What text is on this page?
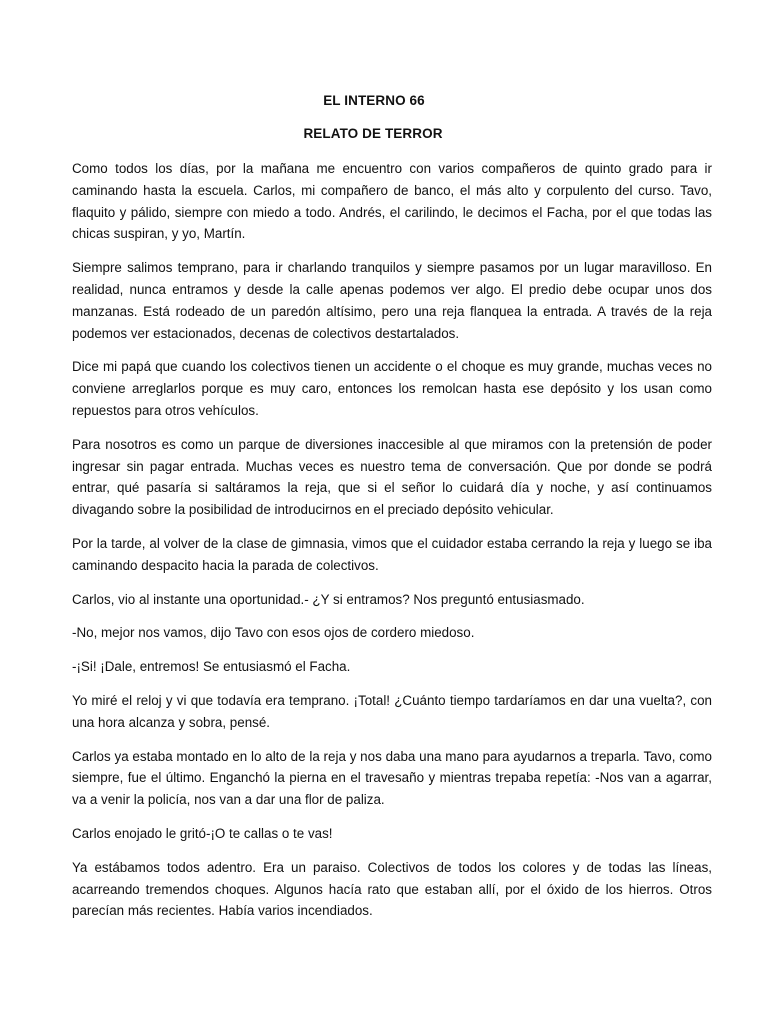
EL INTERNO 66
RELATO DE TERROR

Como todos los días, por la mañana me encuentro con varios compañeros de quinto grado para ir caminando hasta la escuela. Carlos, mi compañero de banco, el más alto y corpulento del curso. Tavo, flaquito y pálido, siempre con miedo a todo. Andrés, el carilindo, le decimos el Facha, por el que todas las chicas suspiran, y yo, Martín.

Siempre salimos temprano, para ir charlando tranquilos y siempre pasamos por un lugar maravilloso. En realidad, nunca entramos y desde la calle apenas podemos ver algo. El predio debe ocupar unos dos manzanas. Está rodeado de un paredón altísimo, pero una reja flanquea la entrada. A través de la reja podemos ver estacionados, decenas de colectivos destartalados.

Dice mi papá que cuando los colectivos tienen un accidente o el choque es muy grande, muchas veces no conviene arreglarlos porque es muy caro, entonces los remolcan hasta ese depósito y los usan como repuestos para otros vehículos.

Para nosotros es como un parque de diversiones inaccesible al que miramos con la pretensión de poder ingresar sin pagar entrada. Muchas veces es nuestro tema de conversación. Que por donde se podrá entrar, qué pasaría si saltáramos la reja, que si el señor lo cuidará día y noche, y así continuamos divagando sobre la posibilidad de introducirnos en el preciado depósito vehicular.

Por la tarde, al volver de la clase de gimnasia, vimos que el cuidador estaba cerrando la reja y luego se iba caminando despacito hacia la parada de colectivos.

Carlos, vio al instante una oportunidad.- ¿Y si entramos? Nos preguntó entusiasmado.

-No, mejor nos vamos, dijo Tavo con esos ojos de cordero miedoso.

-¡Si! ¡Dale, entremos! Se entusiasmó el Facha.

Yo miré el reloj y vi que todavía era temprano. ¡Total! ¿Cuánto tiempo tardaríamos en dar una vuelta?, con una hora alcanza y sobra, pensé.

Carlos ya estaba montado en lo alto de la reja y nos daba una mano para ayudarnos a treparla. Tavo, como siempre, fue el último. Enganchó la pierna en el travesaño y mientras trepaba repetía: -Nos van a agarrar, va a venir la policía, nos van a dar una flor de paliza.

Carlos enojado le gritó-¡O te callas o te vas!

Ya estábamos todos adentro. Era un paraiso. Colectivos de todos los colores y de todas las líneas, acarreando tremendos choques. Algunos hacía rato que estaban allí, por el óxido de los hierros. Otros parecían más recientes. Había varios incendiados.
